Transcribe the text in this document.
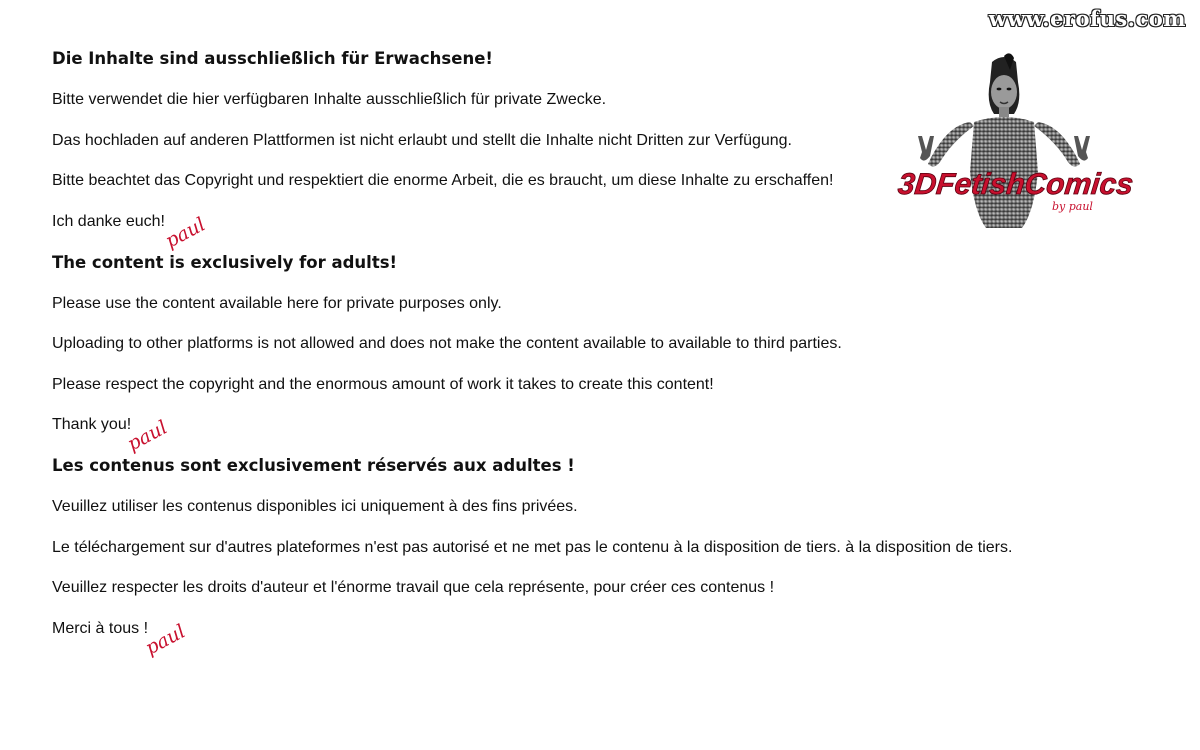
www.erofus.com
3DFetishComics
by paul
Die Inhalte sind ausschließlich für Erwachsene!
Bitte verwendet die hier verfügbaren Inhalte ausschließlich für private Zwecke.
Das hochladen auf anderen Plattformen ist nicht erlaubt und stellt die Inhalte nicht Dritten zur Verfügung.
Bitte beachtet das Copyright und respektiert die enorme Arbeit, die es braucht, um diese Inhalte zu erschaffen!
Ich danke euch!
paul
The content is exclusively for adults!
Please use the content available here for private purposes only.
Uploading to other platforms is not allowed and does not make the content available to available to third parties.
Please respect the copyright and the enormous amount of work it takes to create this content!
Thank you!
paul
Les contenus sont exclusivement réservés aux adultes !
Veuillez utiliser les contenus disponibles ici uniquement à des fins privées.
Le téléchargement sur d'autres plateformes n'est pas autorisé et ne met pas le contenu à la disposition de tiers. à la disposition de tiers.
Veuillez respecter les droits d'auteur et l'énorme travail que cela représente, pour créer ces contenus !
Merci à tous !
paul
